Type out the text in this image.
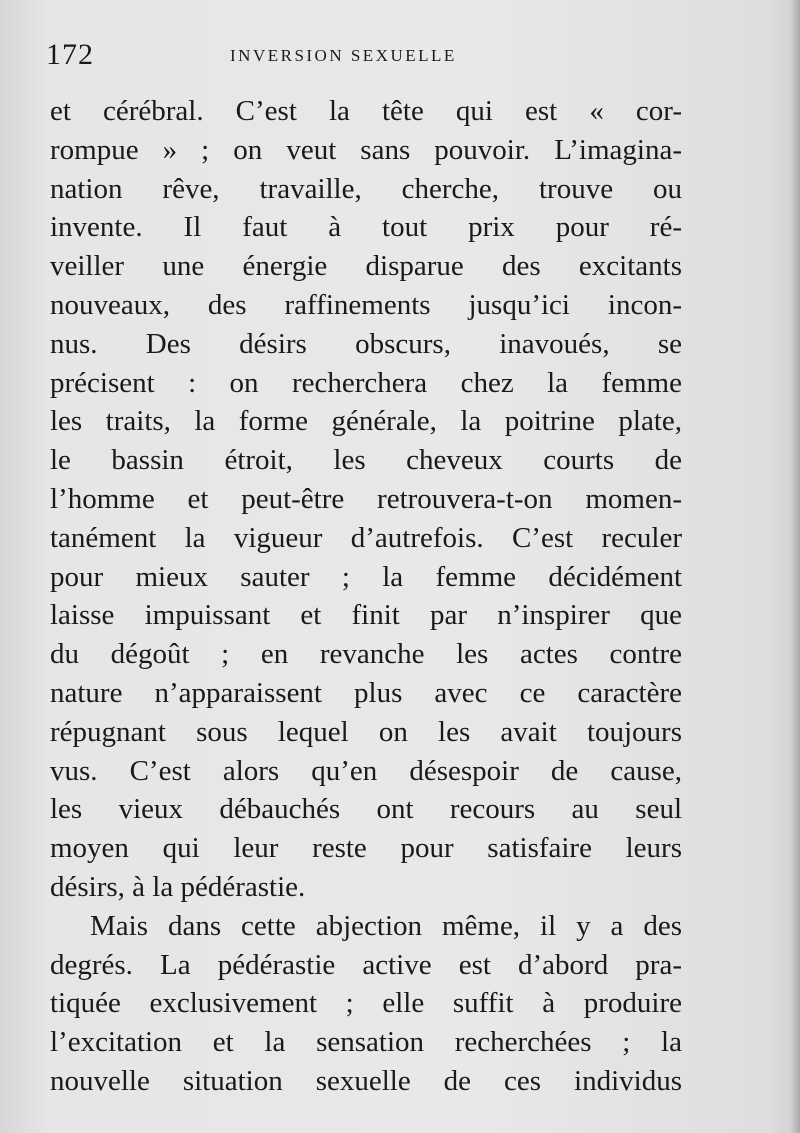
172	INVERSION SEXUELLE
et cérébral. C’est la tête qui est « cor-
rompue » ; on veut sans pouvoir. L’imagina-
nation rêve, travaille, cherche, trouve ou
invente. Il faut à tout prix pour ré-
veiller une énergie disparue des excitants
nouveaux, des raffinements jusqu’ici incon-
nus. Des désirs obscurs, inavoués, se
précisent : on recherchera chez la femme
les traits, la forme générale, la poitrine plate,
le bassin étroit, les cheveux courts de
l’homme et peut-être retrouvera-t-on momen-
tanément la vigueur d’autrefois. C’est reculer
pour mieux sauter ; la femme décidément
laisse impuissant et finit par n’inspirer que
du dégoût ; en revanche les actes contre
nature n’apparaissent plus avec ce caractère
répugnant sous lequel on les avait toujours
vus. C’est alors qu’en désespoir de cause,
les vieux débauchés ont recours au seul
moyen qui leur reste pour satisfaire leurs
désirs, à la pédérastie.
Mais dans cette abjection même, il y a des
degrés. La pédérastie active est d’abord pra-
tiquée exclusivement ; elle suffit à produire
l’excitation et la sensation recherchées ; la
nouvelle situation sexuelle de ces individus
